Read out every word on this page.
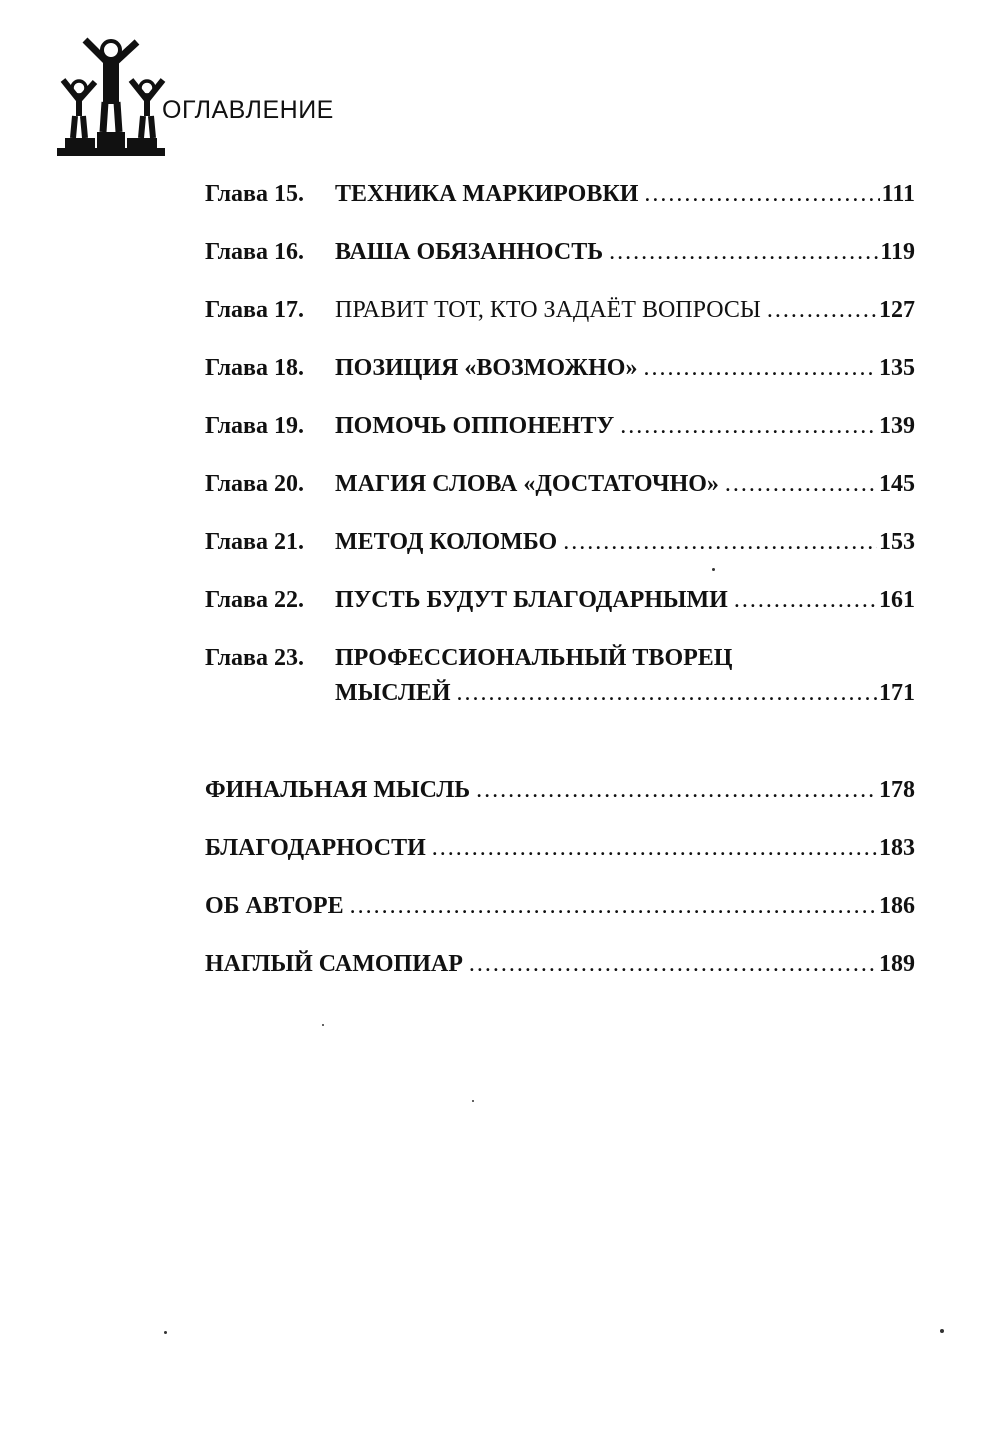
ОГЛАВЛЕНИЕ
Глава 15.	ТЕХНИКА МАРКИРОВКИ .....	111
Глава 16.	ВАША ОБЯЗАННОСТЬ .....	119
Глава 17.	ПРАВИТ ТОТ, КТО ЗАДАЁТ ВОПРОСЫ .....	127
Глава 18.	ПОЗИЦИЯ «ВОЗМОЖНО» .....	135
Глава 19.	ПОМОЧЬ ОППОНЕНТУ .....	139
Глава 20.	МАГИЯ СЛОВА «ДОСТАТОЧНО» .....	145
Глава 21.	МЕТОД КОЛОМБО .....	153
Глава 22.	ПУСТЬ БУДУТ БЛАГОДАРНЫМИ .....	161
Глава 23.	ПРОФЕССИОНАЛЬНЫЙ ТВОРЕЦ
МЫСЛЕЙ .....	171
ФИНАЛЬНАЯ МЫСЛЬ .....	178
БЛАГОДАРНОСТИ .....	183
ОБ АВТОРЕ .....	186
НАГЛЫЙ САМОПИАР .....	189
